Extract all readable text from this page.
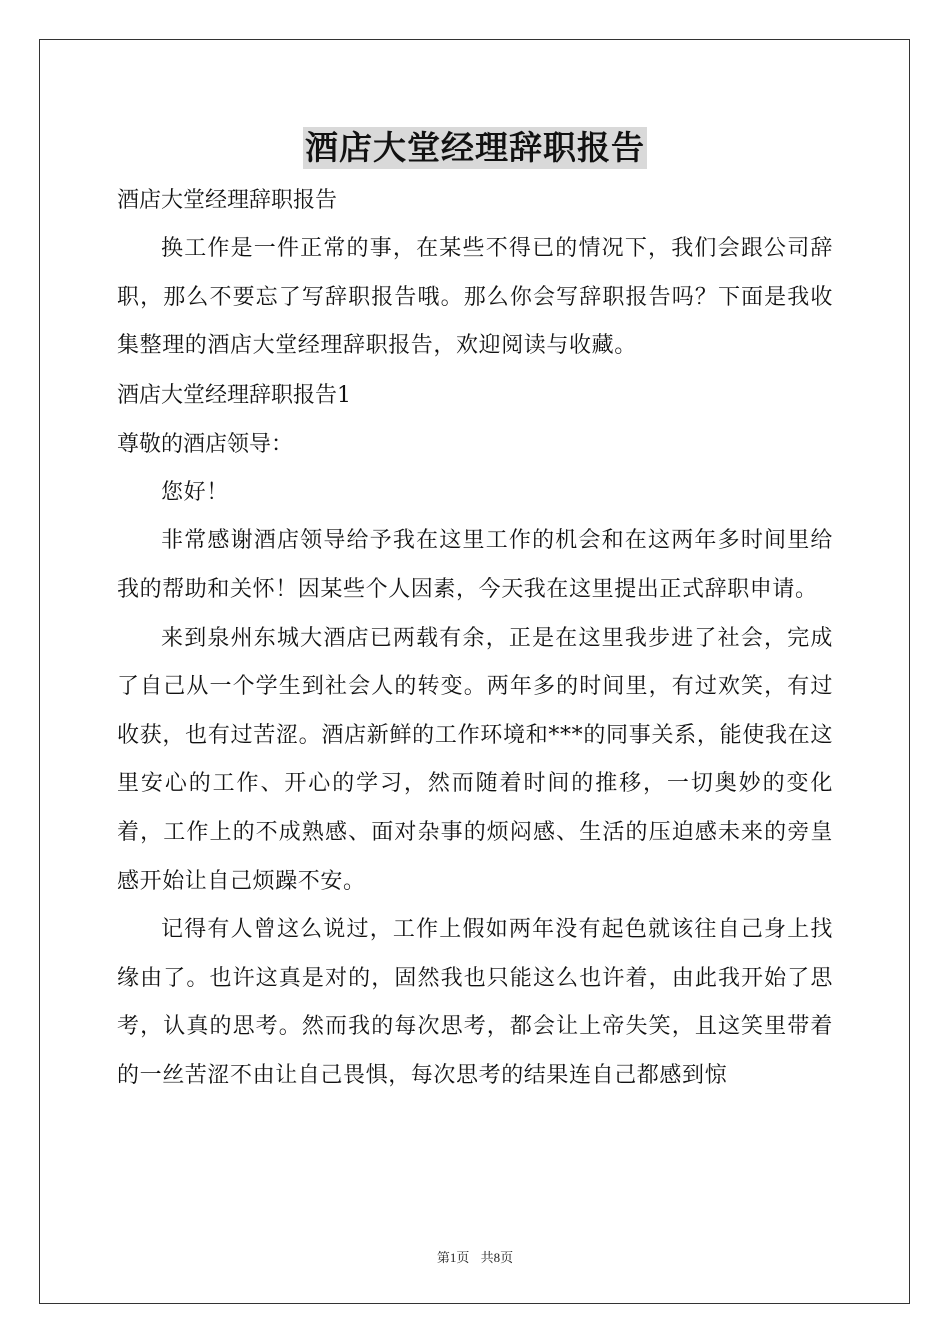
酒店大堂经理辞职报告
酒店大堂经理辞职报告

换工作是一件正常的事，在某些不得已的情况下，我们会跟公司辞职，那么不要忘了写辞职报告哦。那么你会写辞职报告吗？下面是我收集整理的酒店大堂经理辞职报告，欢迎阅读与收藏。

酒店大堂经理辞职报告1
尊敬的酒店领导：

您好！

非常感谢酒店领导给予我在这里工作的机会和在这两年多时间里给我的帮助和关怀！因某些个人因素，今天我在这里提出正式辞职申请。

来到泉州东城大酒店已两载有余，正是在这里我步进了社会，完成了自己从一个学生到社会人的转变。两年多的时间里，有过欢笑，有过收获，也有过苦涩。酒店新鲜的工作环境和***的同事关系，能使我在这里安心的工作、开心的学习，然而随着时间的推移，一切奥妙的变化着，工作上的不成熟感、面对杂事的烦闷感、生活的压迫感未来的旁皇感开始让自己烦躁不安。

记得有人曾这么说过，工作上假如两年没有起色就该往自己身上找缘由了。也许这真是对的，固然我也只能这么也许着，由此我开始了思考，认真的思考。然而我的每次思考，都会让上帝失笑，且这笑里带着的一丝苦涩不由让自己畏惧，每次思考的结果连自己都感到惊

第1页 共8页
